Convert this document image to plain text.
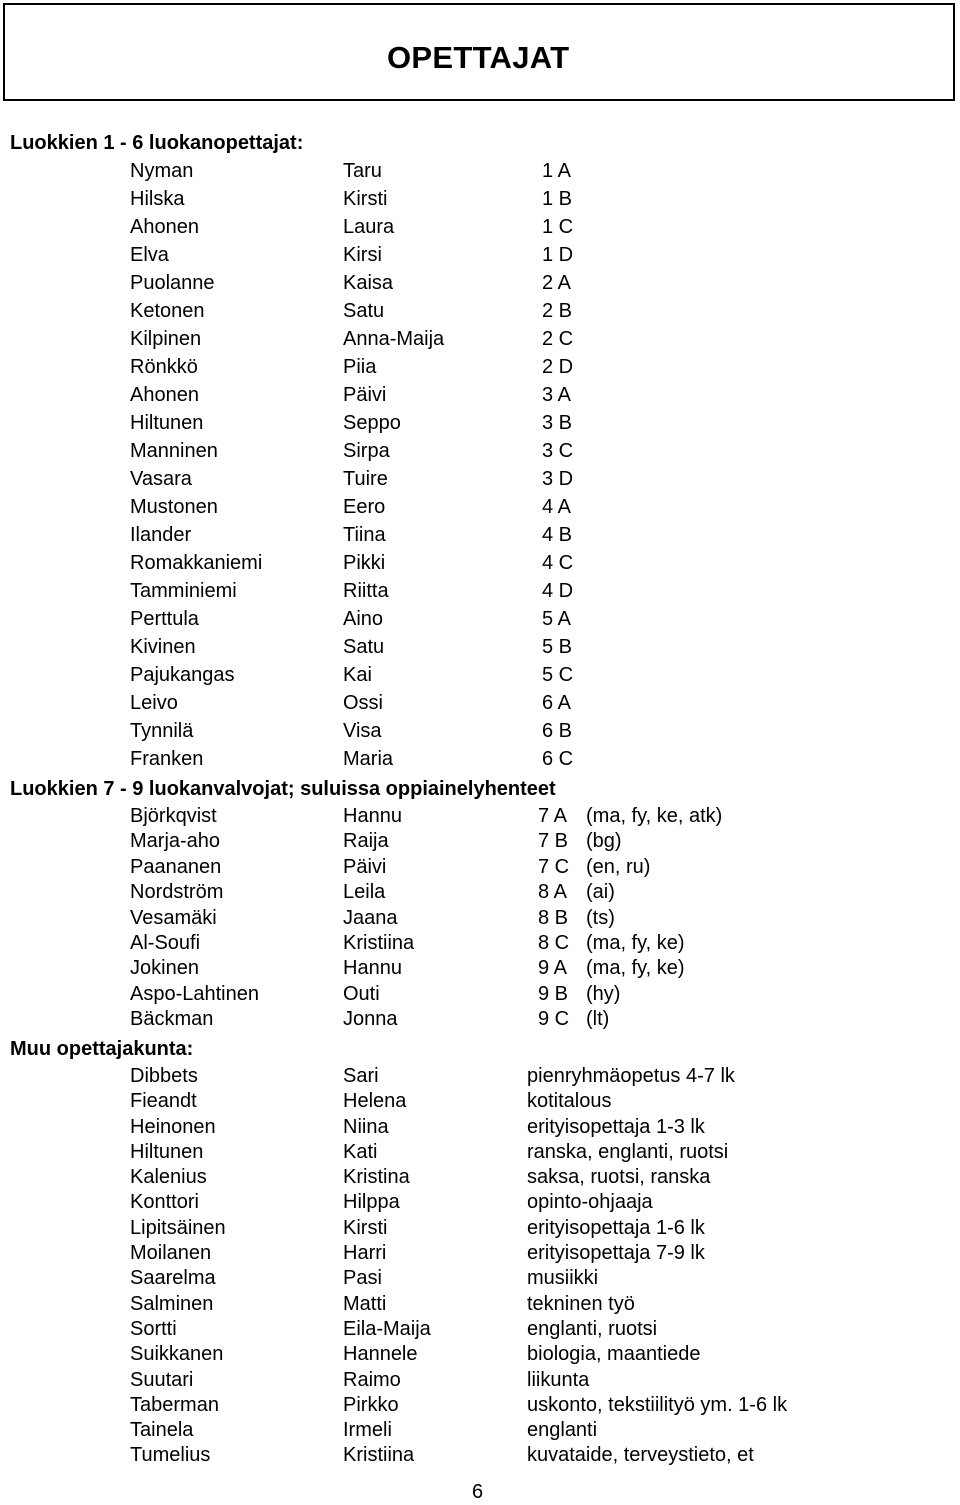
OPETTAJAT
Luokkien 1 - 6 luokanopettajat:
Nyman	Taru	1 A
Hilska	Kirsti	1 B
Ahonen	Laura	1 C
Elva	Kirsi	1 D
Puolanne	Kaisa	2 A
Ketonen	Satu	2 B
Kilpinen	Anna-Maija	2 C
Rönkkö	Piia	2 D
Ahonen	Päivi	3 A
Hiltunen	Seppo	3 B
Manninen	Sirpa	3 C
Vasara	Tuire	3 D
Mustonen	Eero	4 A
Ilander	Tiina	4 B
Romakkaniemi	Pikki	4 C
Tamminiemi	Riitta	4 D
Perttula	Aino	5 A
Kivinen	Satu	5 B
Pajukangas	Kai	5 C
Leivo	Ossi	6 A
Tynnilä	Visa	6 B
Franken	Maria	6 C
Luokkien 7 - 9 luokanvalvojat; suluissa oppiainelyhenteet
Björkqvist	Hannu	7 A (ma, fy, ke, atk)
Marja-aho	Raija	7 B (bg)
Paananen	Päivi	7 C (en, ru)
Nordström	Leila	8 A (ai)
Vesamäki	Jaana	8 B (ts)
Al-Soufi	Kristiina	8 C (ma, fy, ke)
Jokinen	Hannu	9 A (ma, fy, ke)
Aspo-Lahtinen	Outi	9 B (hy)
Bäckman	Jonna	9 C (lt)
Muu opettajakunta:
Dibbets	Sari	pienryhmäopetus 4-7 lk
Fieandt	Helena	kotitalous
Heinonen	Niina	erityisopettaja 1-3 lk
Hiltunen	Kati	ranska, englanti, ruotsi
Kalenius	Kristina	saksa, ruotsi, ranska
Konttori	Hilppa	opinto-ohjaaja
Lipitsäinen	Kirsti	erityisopettaja 1-6 lk
Moilanen	Harri	erityisopettaja 7-9 lk
Saarelma	Pasi	musiikki
Salminen	Matti	tekninen työ
Sortti	Eila-Maija	englanti, ruotsi
Suikkanen	Hannele	biologia, maantiede
Suutari	Raimo	liikunta
Taberman	Pirkko	uskonto, tekstiilityö ym. 1-6 lk
Tainela	Irmeli	englanti
Tumelius	Kristiina	kuvataide, terveystieto, et
6
